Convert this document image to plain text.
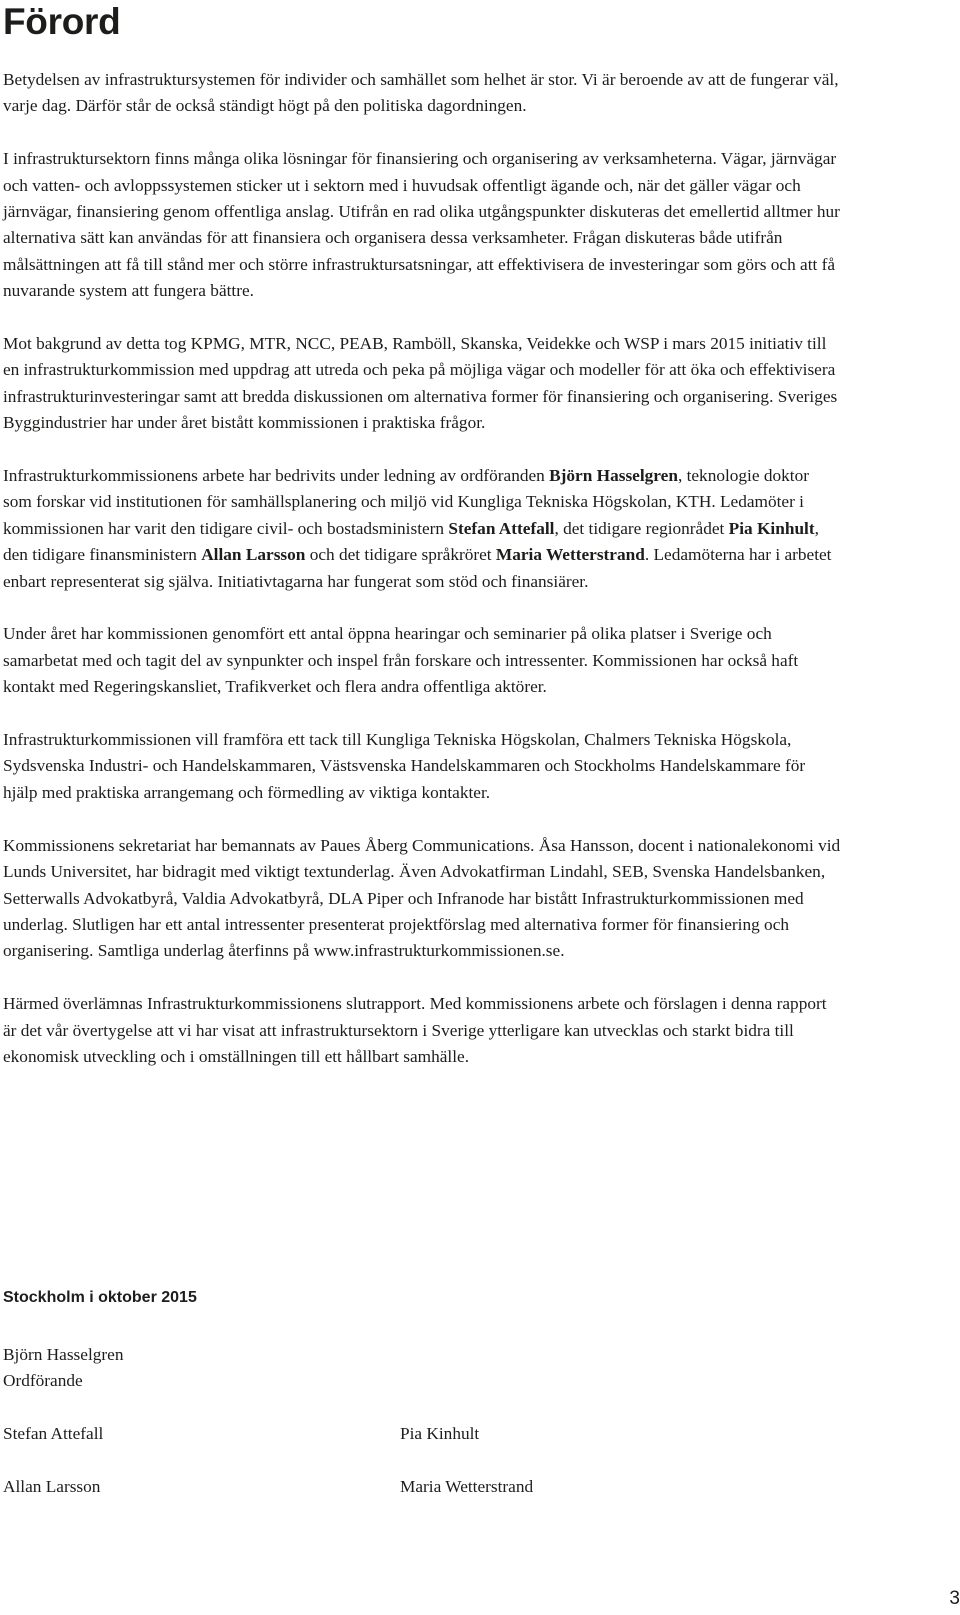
Förord

Betydelsen av infrastruktursystemen för individer och samhället som helhet är stor. Vi är beroende av att de fungerar väl, varje dag. Därför står de också ständigt högt på den politiska dagordningen.

I infrastruktursektorn finns många olika lösningar för finansiering och organisering av verksamheterna. Vägar, järnvägar och vatten- och avloppssystemen sticker ut i sektorn med i huvudsak offentligt ägande och, när det gäller vägar och järnvägar, finansiering genom offentliga anslag. Utifrån en rad olika utgångspunkter diskuteras det emellertid alltmer hur alternativa sätt kan användas för att finansiera och organisera dessa verksamheter. Frågan diskuteras både utifrån målsättningen att få till stånd mer och större infrastruktursatsningar, att effektivisera de investeringar som görs och att få nuvarande system att fungera bättre.

Mot bakgrund av detta tog KPMG, MTR, NCC, PEAB, Ramböll, Skanska, Veidekke och WSP i mars 2015 initiativ till en infrastrukturkommission med uppdrag att utreda och peka på möjliga vägar och modeller för att öka och effektivisera infrastrukturinvesteringar samt att bredda diskussionen om alternativa former för finansiering och organisering. Sveriges Byggindustrier har under året bistått kommissionen i praktiska frågor.

Infrastrukturkommissionens arbete har bedrivits under ledning av ordföranden Björn Hasselgren, teknologie doktor som forskar vid institutionen för samhällsplanering och miljö vid Kungliga Tekniska Högskolan, KTH. Ledamöter i kommissionen har varit den tidigare civil- och bostadsministern Stefan Attefall, det tidigare regionrådet Pia Kinhult, den tidigare finansministern Allan Larsson och det tidigare språkröret Maria Wetterstrand. Ledamöterna har i arbetet enbart representerat sig själva. Initiativtagarna har fungerat som stöd och finansiärer.

Under året har kommissionen genomfört ett antal öppna hearingar och seminarier på olika platser i Sverige och samarbetat med och tagit del av synpunkter och inspel från forskare och intressenter. Kommissionen har också haft kontakt med Regeringskansliet, Trafikverket och flera andra offentliga aktörer.

Infrastrukturkommissionen vill framföra ett tack till Kungliga Tekniska Högskolan, Chalmers Tekniska Högskola, Sydsvenska Industri- och Handelskammaren, Västsvenska Handelskammaren och Stockholms Handelskammare för hjälp med praktiska arrangemang och förmedling av viktiga kontakter.

Kommissionens sekretariat har bemannats av Paues Åberg Communications. Åsa Hansson, docent i nationalekonomi vid Lunds Universitet, har bidragit med viktigt textunderlag. Även Advokatfirman Lindahl, SEB, Svenska Handelsbanken, Setterwalls Advokatbyrå, Valdia Advokatbyrå, DLA Piper och Infranode har bistått Infrastrukturkommissionen med underlag. Slutligen har ett antal intressenter presenterat projektförslag med alternativa former för finansiering och organisering. Samtliga underlag återfinns på www.infrastrukturkommissionen.se.

Härmed överlämnas Infrastrukturkommissionens slutrapport. Med kommissionens arbete och förslagen i denna rapport är det vår övertygelse att vi har visat att infrastruktursektorn i Sverige ytterligare kan utvecklas och starkt bidra till ekonomisk utveckling och i omställningen till ett hållbart samhälle.

Stockholm i oktober 2015
Björn Hasselgren
Ordförande
Stefan Attefall	Pia Kinhult
Allan Larsson	Maria Wetterstrand
3
